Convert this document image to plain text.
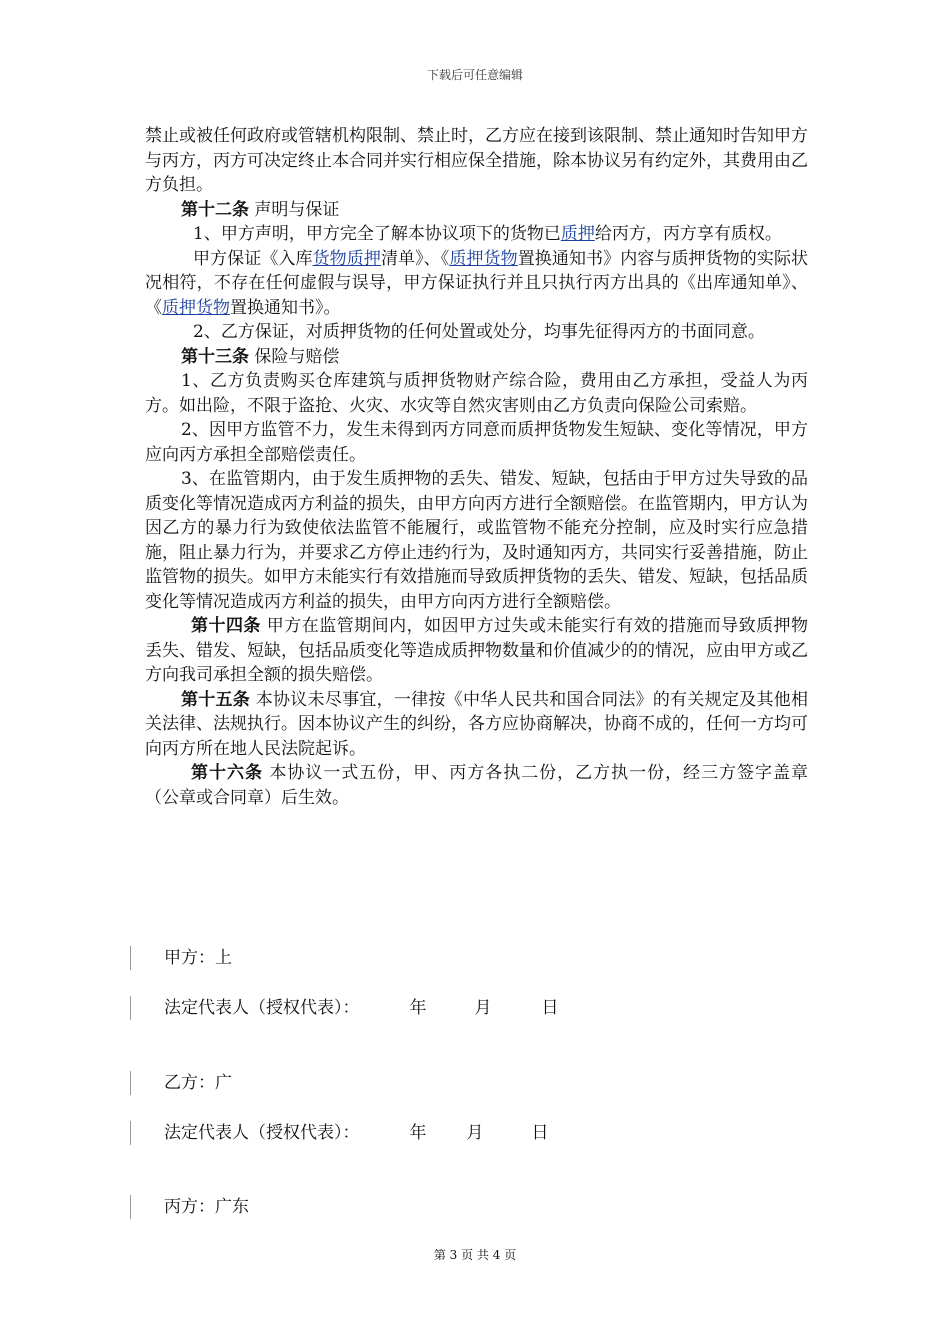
下载后可任意编辑

禁止或被任何政府或管辖机构限制、禁止时，乙方应在接到该限制、禁止通知时告知甲方与丙方，丙方可决定终止本合同并实行相应保全措施，除本协议另有约定外，其费用由乙方负担。

第十二条 声明与保证

1、甲方声明，甲方完全了解本协议项下的货物已质押给丙方，丙方享有质权。

甲方保证《入库货物质押清单》、《质押货物置换通知书》内容与质押货物的实际状况相符，不存在任何虚假与误导，甲方保证执行并且只执行丙方出具的《出库通知单》、《质押货物置换通知书》。

2、乙方保证，对质押货物的任何处置或处分，均事先征得丙方的书面同意。

第十三条 保险与赔偿

1、乙方负责购买仓库建筑与质押货物财产综合险，费用由乙方承担，受益人为丙方。如出险，不限于盗抢、火灾、水灾等自然灾害则由乙方负责向保险公司索赔。

2、因甲方监管不力，发生未得到丙方同意而质押货物发生短缺、变化等情况，甲方应向丙方承担全部赔偿责任。

3、在监管期内，由于发生质押物的丢失、错发、短缺，包括由于甲方过失导致的品质变化等情况造成丙方利益的损失，由甲方向丙方进行全额赔偿。在监管期内，甲方认为因乙方的暴力行为致使依法监管不能履行，或监管物不能充分控制，应及时实行应急措施，阻止暴力行为，并要求乙方停止违约行为，及时通知丙方，共同实行妥善措施，防止监管物的损失。如甲方未能实行有效措施而导致质押货物的丢失、错发、短缺，包括品质变化等情况造成丙方利益的损失，由甲方向丙方进行全额赔偿。

第十四条 甲方在监管期间内，如因甲方过失或未能实行有效的措施而导致质押物丢失、错发、短缺，包括品质变化等造成质押物数量和价值减少的的情况，应由甲方或乙方向我司承担全额的损失赔偿。

第十五条 本协议未尽事宜，一律按《中华人民共和国合同法》的有关规定及其他相关法律、法规执行。因本协议产生的纠纷，各方应协商解决，协商不成的，任何一方均可向丙方所在地人民法院起诉。

第十六条 本协议一式五份，甲、丙方各执二份，乙方执一份，经三方签字盖章（公章或合同章）后生效。

甲方：上
法定代表人（授权代表）：	年	月	日
乙方：广
法定代表人（授权代表）：	年 月	日
丙方：广东
第 3 页 共 4 页
